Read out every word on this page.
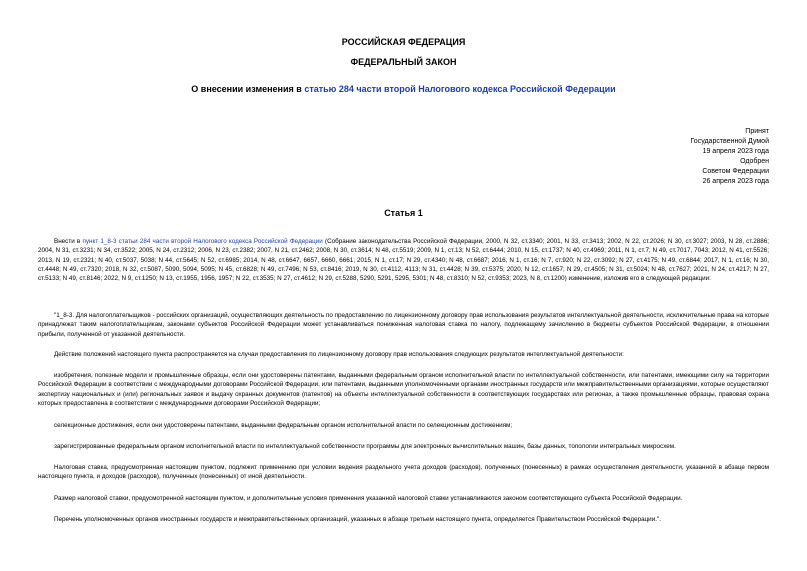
РОССИЙСКАЯ ФЕДЕРАЦИЯ
ФЕДЕРАЛЬНЫЙ ЗАКОН
О внесении изменения в статью 284 части второй Налогового кодекса Российской Федерации
Принят
Государственной Думой
19 апреля 2023 года
Одобрен
Советом Федерации
26 апреля 2023 года
Статья 1

Внести в пункт 1_8-3 статьи 284 части второй Налогового кодекса Российской Федерации (Собрание законодательства Российской Федерации, 2000, N 32, ст.3340; 2001, N 33, ст.3413; 2002, N 22, ст.2026; N 30, ст.3027; 2003, N 28, ст.2886; 2004, N 31, ст.3231; N 34, ст.3522; 2005, N 24, ст.2312; 2006, N 23, ст.2382; 2007, N 21, ст.2462; 2008, N 30, ст.3614; N 48, ст.5519; 2009, N 1, ст.13; N 52, ст.6444; 2010, N 15, ст.1737; N 40, ст.4969; 2011, N 1, ст.7; N 49, ст.7017, 7043; 2012, N 41, ст.5526; 2013, N 19, ст.2321; N 40, ст.5037, 5038; N 44, ст.5645; N 52, ст.6985; 2014, N 48, ст.6647, 6657, 6660, 6661; 2015, N 1, ст.17; N 29, ст.4340; N 48, ст.6687; 2016, N 1, ст.16; N 7, ст.920; N 22, ст.3092; N 27, ст.4175; N 49, ст.6844; 2017, N 1, ст.16; N 30, ст.4448; N 49, ст.7320; 2018, N 32, ст.5087, 5090, 5094, 5095; N 45, ст.6828; N 49, ст.7496; N 53, ст.8416; 2019, N 30, ст.4112, 4113; N 31, ст.4428; N 39, ст.5375; 2020, N 12, ст.1657; N 29, ст.4505; N 31, ст.5024; N 48, ст.7627; 2021, N 24, ст.4217; N 27, ст.5133; N 49, ст.8146; 2022, N 9, ст.1250; N 13, ст.1955, 1956, 1957; N 22, ст.3535; N 27, ст.4612; N 29, ст.5288, 5290, 5291, 5295, 5301; N 48, ст.8310; N 52, ст.9353; 2023, N 8, ст.1200) изменение, изложив его в следующей редакции:

"1_8-3. Для налогоплательщиков - российских организаций, осуществляющих деятельность по предоставлению по лицензионному договору прав использования результатов интеллектуальной деятельности, исключительные права на которые принадлежат таким налогоплательщикам, законами субъектов Российской Федерации может устанавливаться пониженная налоговая ставка по налогу, подлежащему зачислению в бюджеты субъектов Российской Федерации, в отношении прибыли, полученной от указанной деятельности.

Действие положений настоящего пункта распространяется на случаи предоставления по лицензионному договору прав использования следующих результатов интеллектуальной деятельности:

изобретения, полезные модели и промышленные образцы, если они удостоверены патентами, выданными федеральным органом исполнительной власти по интеллектуальной собственности, или патентами, имеющими силу на территории Российской Федерации в соответствии с международными договорами Российской Федерации, или патентами, выданными уполномоченными органами иностранных государств или межправительственными организациями, которые осуществляют экспертизу национальных и (или) региональных заявок и выдачу охранных документов (патентов) на объекты интеллектуальной собственности в соответствующих государствах или регионах, а также промышленные образцы, правовая охрана которых предоставлена в соответствии с международными договорами Российской Федерации;

селекционные достижения, если они удостоверены патентами, выданными федеральным органом исполнительной власти по селекционным достижениям;

зарегистрированные федеральным органом исполнительной власти по интеллектуальной собственности программы для электронных вычислительных машин, базы данных, топологии интегральных микросхем.

Налоговая ставка, предусмотренная настоящим пунктом, подлежит применению при условии ведения раздельного учета доходов (расходов), полученных (понесенных) в рамках осуществления деятельности, указанной в абзаце первом настоящего пункта, и доходов (расходов), полученных (понесенных) от иной деятельности.

Размер налоговой ставки, предусмотренной настоящим пунктом, и дополнительные условия применения указанной налоговой ставки устанавливаются законом соответствующего субъекта Российской Федерации.

Перечень уполномоченных органов иностранных государств и межправительственных организаций, указанных в абзаце третьем настоящего пункта, определяется Правительством Российской Федерации.".
